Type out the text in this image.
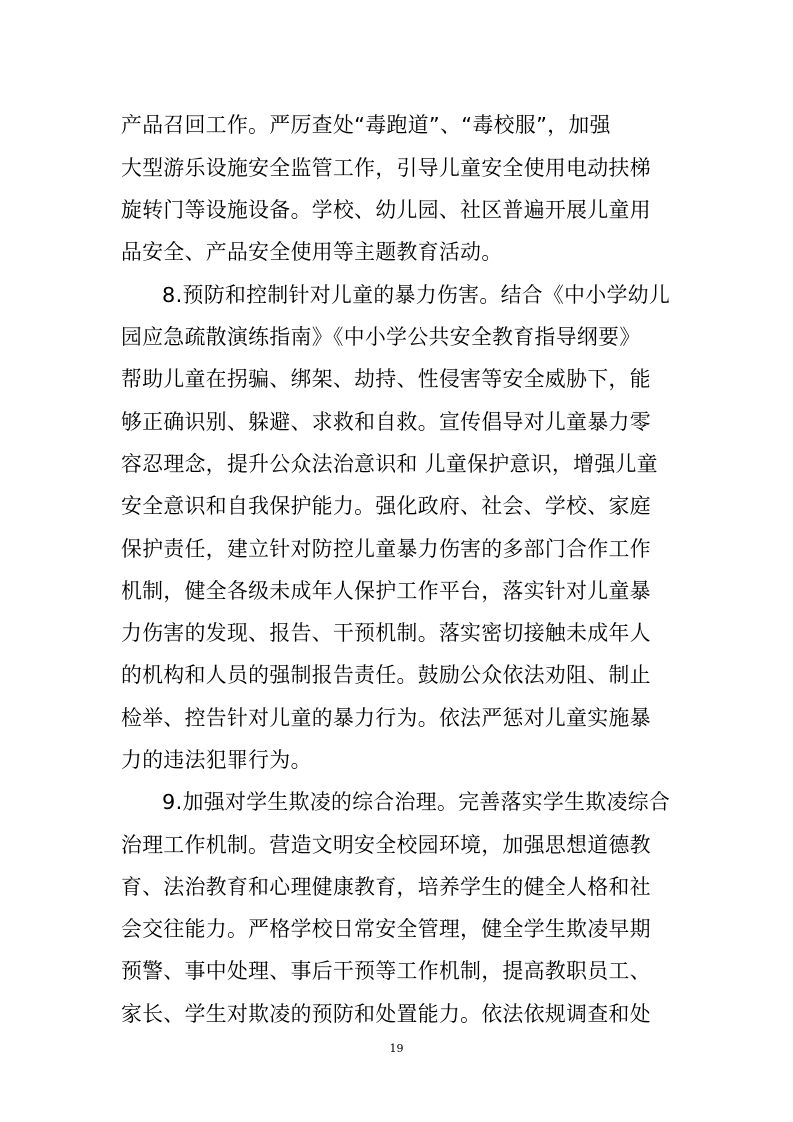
产品召回工作。严厉查处“毒跑道”、“毒校服”，加强
大型游乐设施安全监管工作，引导儿童安全使用电动扶梯
旋转门等设施设备。学校、幼儿园、社区普遍开展儿童用
品安全、产品安全使用等主题教育活动。
8.预防和控制针对儿童的暴力伤害。结合《中小学幼儿
园应急疏散演练指南》《中小学公共安全教育指导纲要》
帮助儿童在拐骗、绑架、劫持、性侵害等安全威胁下，能
够正确识别、躲避、求救和自救。宣传倡导对儿童暴力零
容忍理念，提升公众法治意识和 儿童保护意识，增强儿童
安全意识和自我保护能力。强化政府、社会、学校、家庭
保护责任，建立针对防控儿童暴力伤害的多部门合作工作
机制，健全各级未成年人保护工作平台，落实针对儿童暴
力伤害的发现、报告、干预机制。落实密切接触未成年人
的机构和人员的强制报告责任。鼓励公众依法劝阻、制止
检举、控告针对儿童的暴力行为。依法严惩对儿童实施暴
力的违法犯罪行为。
9.加强对学生欺凌的综合治理。完善落实学生欺凌综合
治理工作机制。营造文明安全校园环境，加强思想道德教
育、法治教育和心理健康教育，培养学生的健全人格和社
会交往能力。严格学校日常安全管理，健全学生欺凌早期
预警、事中处理、事后干预等工作机制，提高教职员工、
家长、学生对欺凌的预防和处置能力。依法依规调查和处
19
